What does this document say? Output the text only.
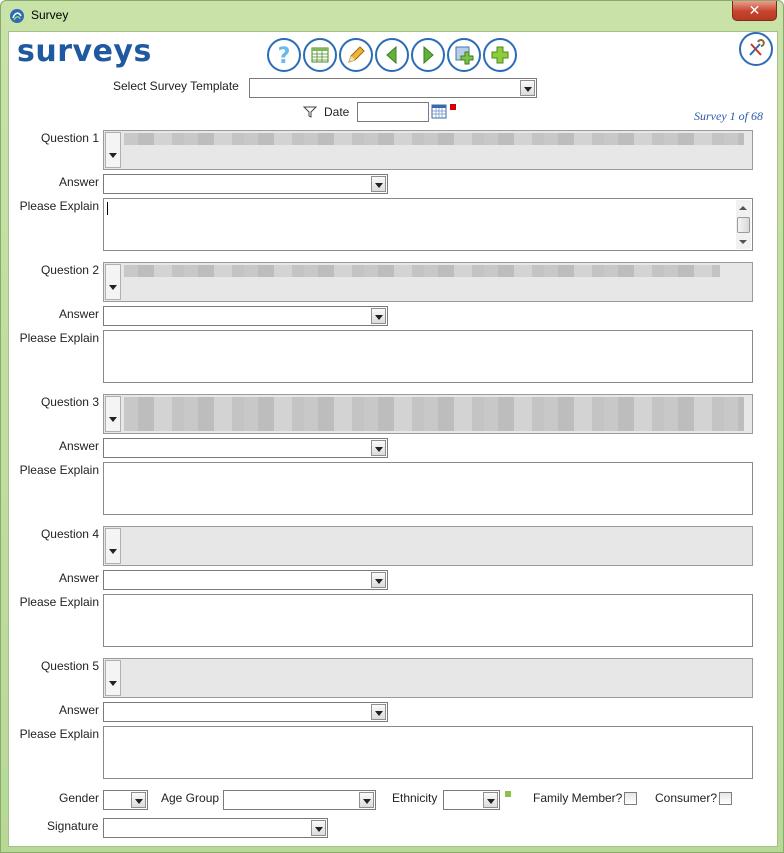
Survey	✕
surveys	?
Select Survey Template
Date	Survey 1 of 68
Question 1
Answer
Please Explain
Question 2
Answer
Please Explain
Question 3
Answer
Please Explain
Question 4
Answer
Please Explain
Question 5
Answer
Please Explain
Gender	Age Group	Ethnicity	Family Member?	Consumer?
Signature
